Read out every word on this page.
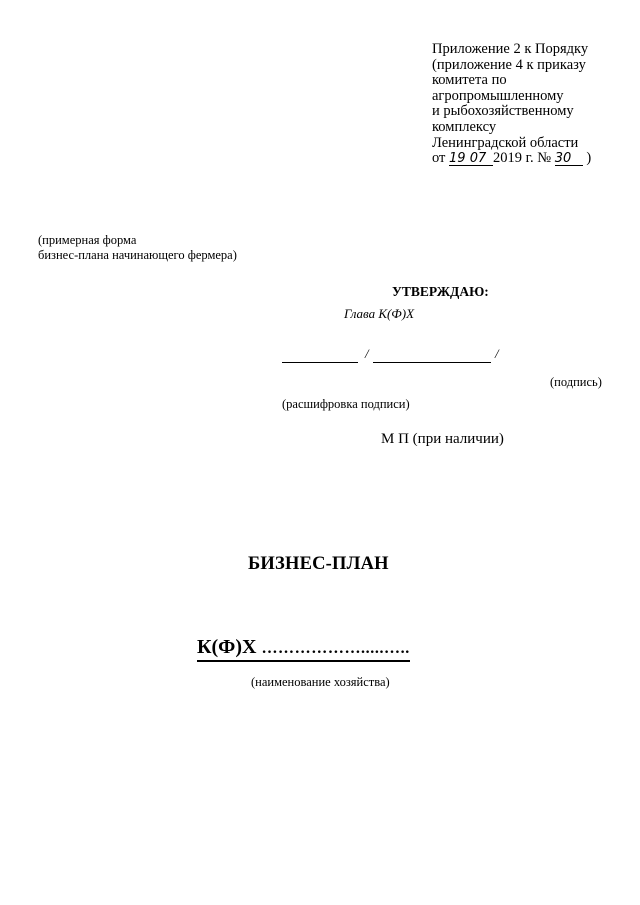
Приложение 2 к Порядку
(приложение 4 к приказу
комитета по
агропромышленному
и рыбохозяйственному
комплексу
Ленинградской области
от 19 07 2019 г. № 30 )
(примерная форма
бизнес-плана начинающего фермера)
УТВЕРЖДАЮ:
Глава К(Ф)Х
/	/
(подпись)
(расшифровка подписи)
М П (при наличии)
БИЗНЕС-ПЛАН
К(Ф)Х ……………….....…..
(наименование хозяйства)
